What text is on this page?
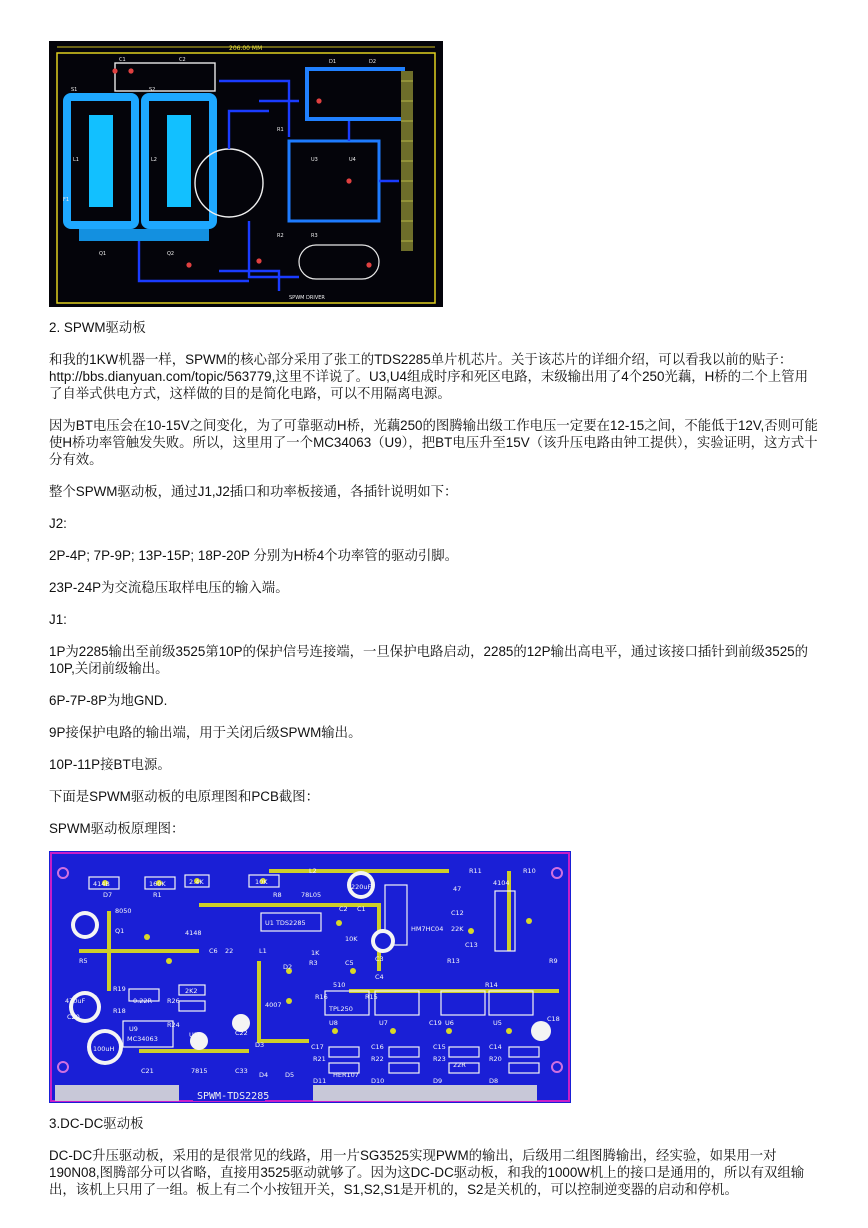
206.00 MM
S1	S2
L1	L2	U3	U4
C1	C2	D1	D2
R1
R2	R3
Q1	Q2
F1
SPWM DRIVER

2. SPWM驱动板

和我的1KW机器一样，SPWM的核心部分采用了张工的TDS2285单片机芯片。关于该芯片的详细介绍，可以看我以前的贴子：http://bbs.dianyuan.com/topic/563779,这里不详说了。U3,U4组成时序和死区电路，末级输出用了4个250光藕，H桥的二个上管用了自举式供电方式，这样做的目的是简化电路，可以不用隔离电源。

因为BT电压会在10-15V之间变化，为了可靠驱动H桥，光藕250的图腾输出级工作电压一定要在12-15之间，不能低于12V,否则可能使H桥功率管触发失败。所以，这里用了一个MC34063（U9），把BT电压升至15V（该升压电路由钟工提供），实验证明，这方式十分有效。

整个SPWM驱动板，通过J1,J2插口和功率板接通，各插针说明如下：

J2:

2P-4P; 7P-9P; 13P-15P; 18P-20P 分别为H桥4个功率管的驱动引脚。

23P-24P为交流稳压取样电压的输入端。

J1:

1P为2285输出至前级3525第10P的保护信号连接端，一旦保护电路启动，2285的12P输出高电平，通过该接口插针到前级3525的10P,关闭前级输出。

6P-7P-8P为地GND.

9P接保护电路的输出端，用于关闭后级SPWM输出。

10P-11P接BT电源。

下面是SPWM驱动板的电原理图和PCB截图：

SPWM驱动板原理图：

SPWM-TDS2285
414B
D7
160K
R1
2.4K	10K
L2
78L05
220uF
R11	R10
8050
Q1
R5
U1 TDS2285
C2 C1
HM7HC04
4104
22K
47
C12
C13
10K
C3
4148
C6 22	L1
D2
1K
R3
R8
C5
C4
R13
R14
R9
470uF
2K2
510
R16	R15
U8	U7	U6	U5
TPL250
R19
R18
R26
R24
0.22R
C22
U9
MC34063
4007
C17	C16	C15	C14
C18
C19
U10
7815	C33
100uH
R21	R22	R23	R20
22R
HER107
D11	D10	D9	D8
C21
C20
D3
D4	D5

3.DC-DC驱动板

DC-DC升压驱动板，采用的是很常见的线路，用一片SG3525实现PWM的输出，后级用二组图腾输出，经实验，如果用一对190N08,图腾部分可以省略，直接用3525驱动就够了。因为这DC-DC驱动板，和我的1000W机上的接口是通用的，所以有双组输出，该机上只用了一组。板上有二个小按钮开关，S1,S2,S1是开机的，S2是关机的，可以控制逆变器的启动和停机。
